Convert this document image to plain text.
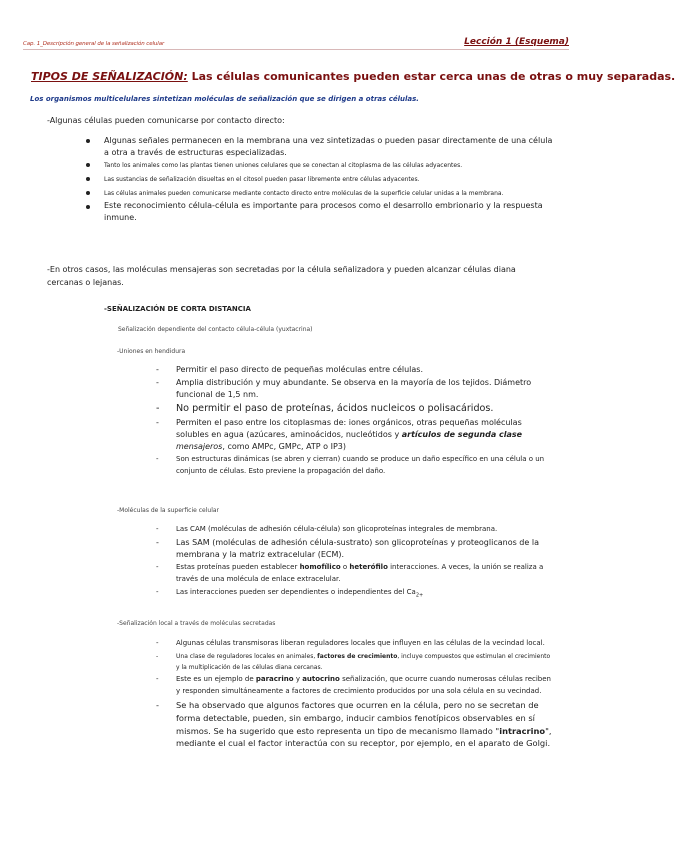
Cap. 1_Descripción general de la señalización celular	Lección 1 (Esquema)
TIPOS DE SEÑALIZACIÓN: Las células comunicantes pueden estar cerca unas de otras o muy separadas.
Los organismos multicelulares sintetizan moléculas de señalización que se dirigen a otras células.
-Algunas células pueden comunicarse por contacto directo:
Algunas señales permanecen en la membrana una vez sintetizadas o pueden pasar directamente de una célula a otra a través de estructuras especializadas.
Tanto los animales como las plantas tienen uniones celulares que se conectan al citoplasma de las células adyacentes.
Las sustancias de señalización disueltas en el citosol pueden pasar libremente entre células adyacentes.
Las células animales pueden comunicarse mediante contacto directo entre moléculas de la superficie celular unidas a la membrana.
Este reconocimiento célula-célula es importante para procesos como el desarrollo embrionario y la respuesta inmune.
-En otros casos, las moléculas mensajeras son secretadas por la célula señalizadora y pueden alcanzar células diana cercanas o lejanas.
-SEÑALIZACIÓN DE CORTA DISTANCIA
Señalización dependiente del contacto célula-célula (yuxtacrina)
-Uniones en hendidura
- Permitir el paso directo de pequeñas moléculas entre células.
- Amplia distribución y muy abundante. Se observa en la mayoría de los tejidos. Diámetro funcional de 1,5 nm.
- No permitir el paso de proteínas, ácidos nucleicos o polisacáridos.
- Permiten el paso entre los citoplasmas de: iones orgánicos, otras pequeñas moléculas solubles en agua (azúcares, aminoácidos, nucleótidos y artículos de segunda clase mensajeros, como AMPc, GMPc, ATP o IP3)
- Son estructuras dinámicas (se abren y cierran) cuando se produce un daño específico en una célula o un conjunto de células. Esto previene la propagación del daño.
-Moléculas de la superficie celular
- Las CAM (moléculas de adhesión célula-célula) son glicoproteínas integrales de membrana.
- Las SAM (moléculas de adhesión célula-sustrato) son glicoproteínas y proteoglicanos de la membrana y la matriz extracelular (ECM).
- Estas proteínas pueden establecer homofílico o heterófilo interacciones. A veces, la unión se realiza a través de una molécula de enlace extracelular.
- Las interacciones pueden ser dependientes o independientes del $Ca_{2+}$
-Señalización local a través de moléculas secretadas
- Algunas células transmisoras liberan reguladores locales que influyen en las células de la vecindad local.
- Una clase de reguladores locales en animales, factores de crecimiento, incluye compuestos que estimulan el crecimiento y la multiplicación de las células diana cercanas.
- Este es un ejemplo de paracrino y autocrino señalización, que ocurre cuando numerosas células reciben y responden simultáneamente a factores de crecimiento producidos por una sola célula en su vecindad.
- Se ha observado que algunos factores que ocurren en la célula, pero no se secretan de forma detectable, pueden, sin embargo, inducir cambios fenotípicos observables en sí mismos. Se ha sugerido que esto representa un tipo de mecanismo llamado "intracrino", mediante el cual el factor interactúa con su receptor, por ejemplo, en el aparato de Golgi.
